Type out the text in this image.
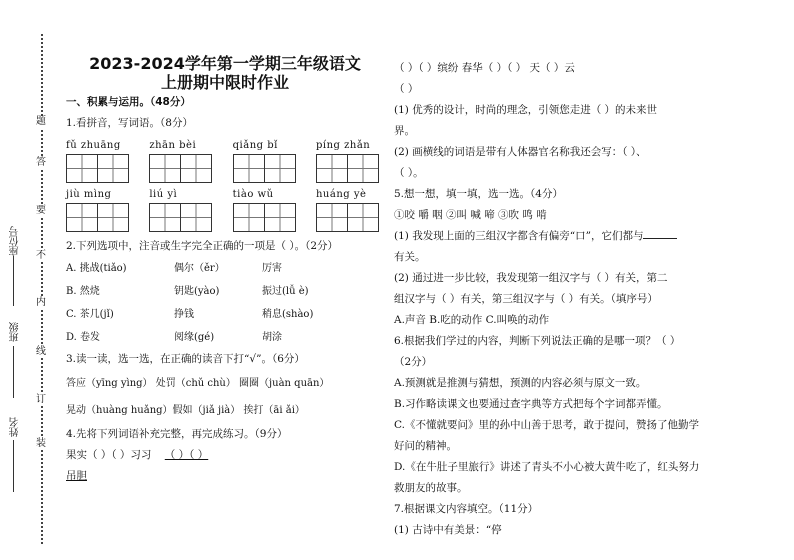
题
答
要
不
内
线
订
装
座位号
班级
姓名
2023-2024学年第一学期三年级语文
上册期中限时作业
一、积累与运用。（48分）
1.看拼音，写词语。（8分）
fǔ zhuāng	zhān bèi	qiǎng bǐ	píng zhǎn
jiù mìng	liú yì	tiào wǔ	huáng yè
2.下列选项中，注音或生字完全正确的一项是（ ）。（2分）
A. 挑战(tiǎo)	偶尔（ěr）	厉害
B. 然烧	钥匙(yào)	振过(lǚ è)
C. 茶几(jǐ)	挣钱	稍息(shào)
D. 卷发	阅缘(gé)	胡涂
3.读一读，选一选，在正确的读音下打“√”。（6分）
答应（yīng yìng） 处罚（chǔ chù） 圈圈（juàn quān）
晃动（huàng huǎng）假如（jiǎ jià） 挨打（āi ǎi）
4.先将下列词语补充完整，再完成练习。（9分）
果实（ ）（ ）习习 （ ）（ ）
吊胆
（ ）（ ）缤纷 春华（ ）（ ） 天（ ）云
（ ）
(1) 优秀的设计，时尚的理念，引领您走进（ ）的未来世
界。
(2) 画横线的词语是带有人体器官名称我还会写：（ ）、
（ ）。
5.想一想，填一填，选一选。（4分）
①咬 嚼 咽 ②叫 喊 啼 ③吹 鸣 啃
(1) 我发现上面的三组汉字都含有偏旁“口”，它们都与
有关。
(2) 通过进一步比较，我发现第一组汉字与（ ）有关，第二
组汉字与（ ）有关，第三组汉字与（ ）有关。（填序号）
A.声音 B.吃的动作 C.叫唤的动作
6.根据我们学过的内容，判断下列说法正确的是哪一项？（ ）
（2分）
A.预测就是推测与猜想，预测的内容必须与原文一致。
B.习作略读课文也要通过查字典等方式把每个字词都弄懂。
C.《不懂就要问》里的孙中山善于思考，敢于提问，赞扬了他勤学
好问的精神。
D.《在牛肚子里旅行》讲述了青头不小心被大黄牛吃了，红头努力
救朋友的故事。
7.根据课文内容填空。（11分）
(1) 古诗中有美景：“停
